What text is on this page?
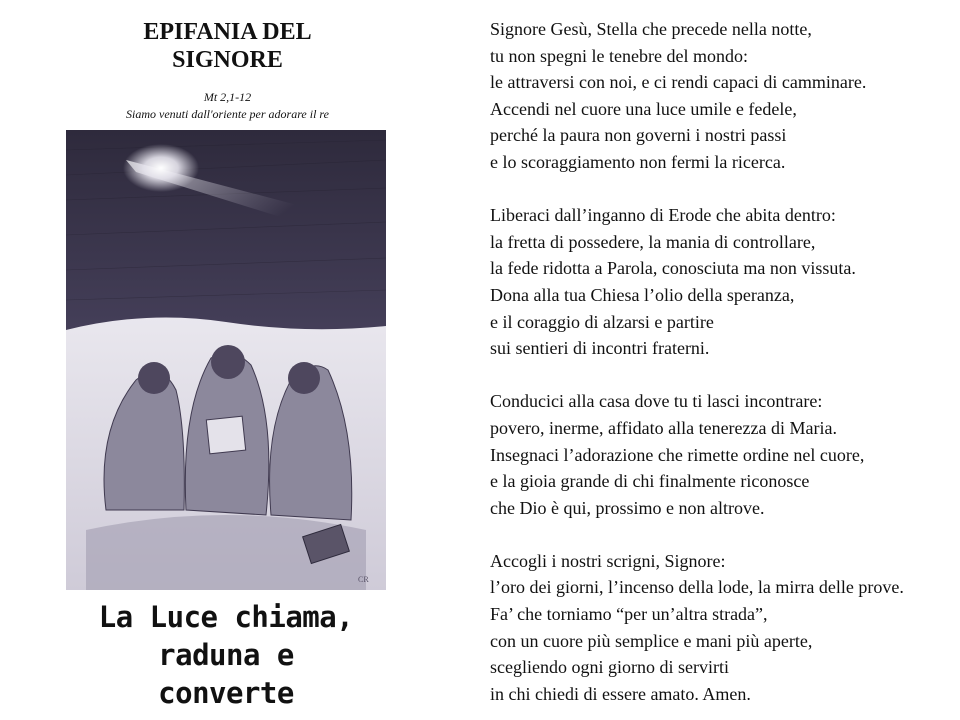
EPIFANIA DEL
SIGNORE
Mt 2,1-12
Siamo venuti dall'oriente per adorare il re
CR
La Luce chiama,
raduna e
converte
Signore Gesù, Stella che precede nella notte,
tu non spegni le tenebre del mondo:
le attraversi con noi, e ci rendi capaci di camminare.
Accendi nel cuore una luce umile e fedele,
perché la paura non governi i nostri passi
e lo scoraggiamento non fermi la ricerca.
Liberaci dall’inganno di Erode che abita dentro:
la fretta di possedere, la mania di controllare,
la fede ridotta a Parola, conosciuta ma non vissuta.
Dona alla tua Chiesa l’olio della speranza,
e il coraggio di alzarsi e partire
sui sentieri di incontri fraterni.
Conducici alla casa dove tu ti lasci incontrare:
povero, inerme, affidato alla tenerezza di Maria.
Insegnaci l’adorazione che rimette ordine nel cuore,
e la gioia grande di chi finalmente riconosce
che Dio è qui, prossimo e non altrove.
Accogli i nostri scrigni, Signore:
l’oro dei giorni, l’incenso della lode, la mirra delle prove.
Fa’ che torniamo “per un’altra strada”,
con un cuore più semplice e mani più aperte,
scegliendo ogni giorno di servirti
in chi chiedi di essere amato. Amen.
